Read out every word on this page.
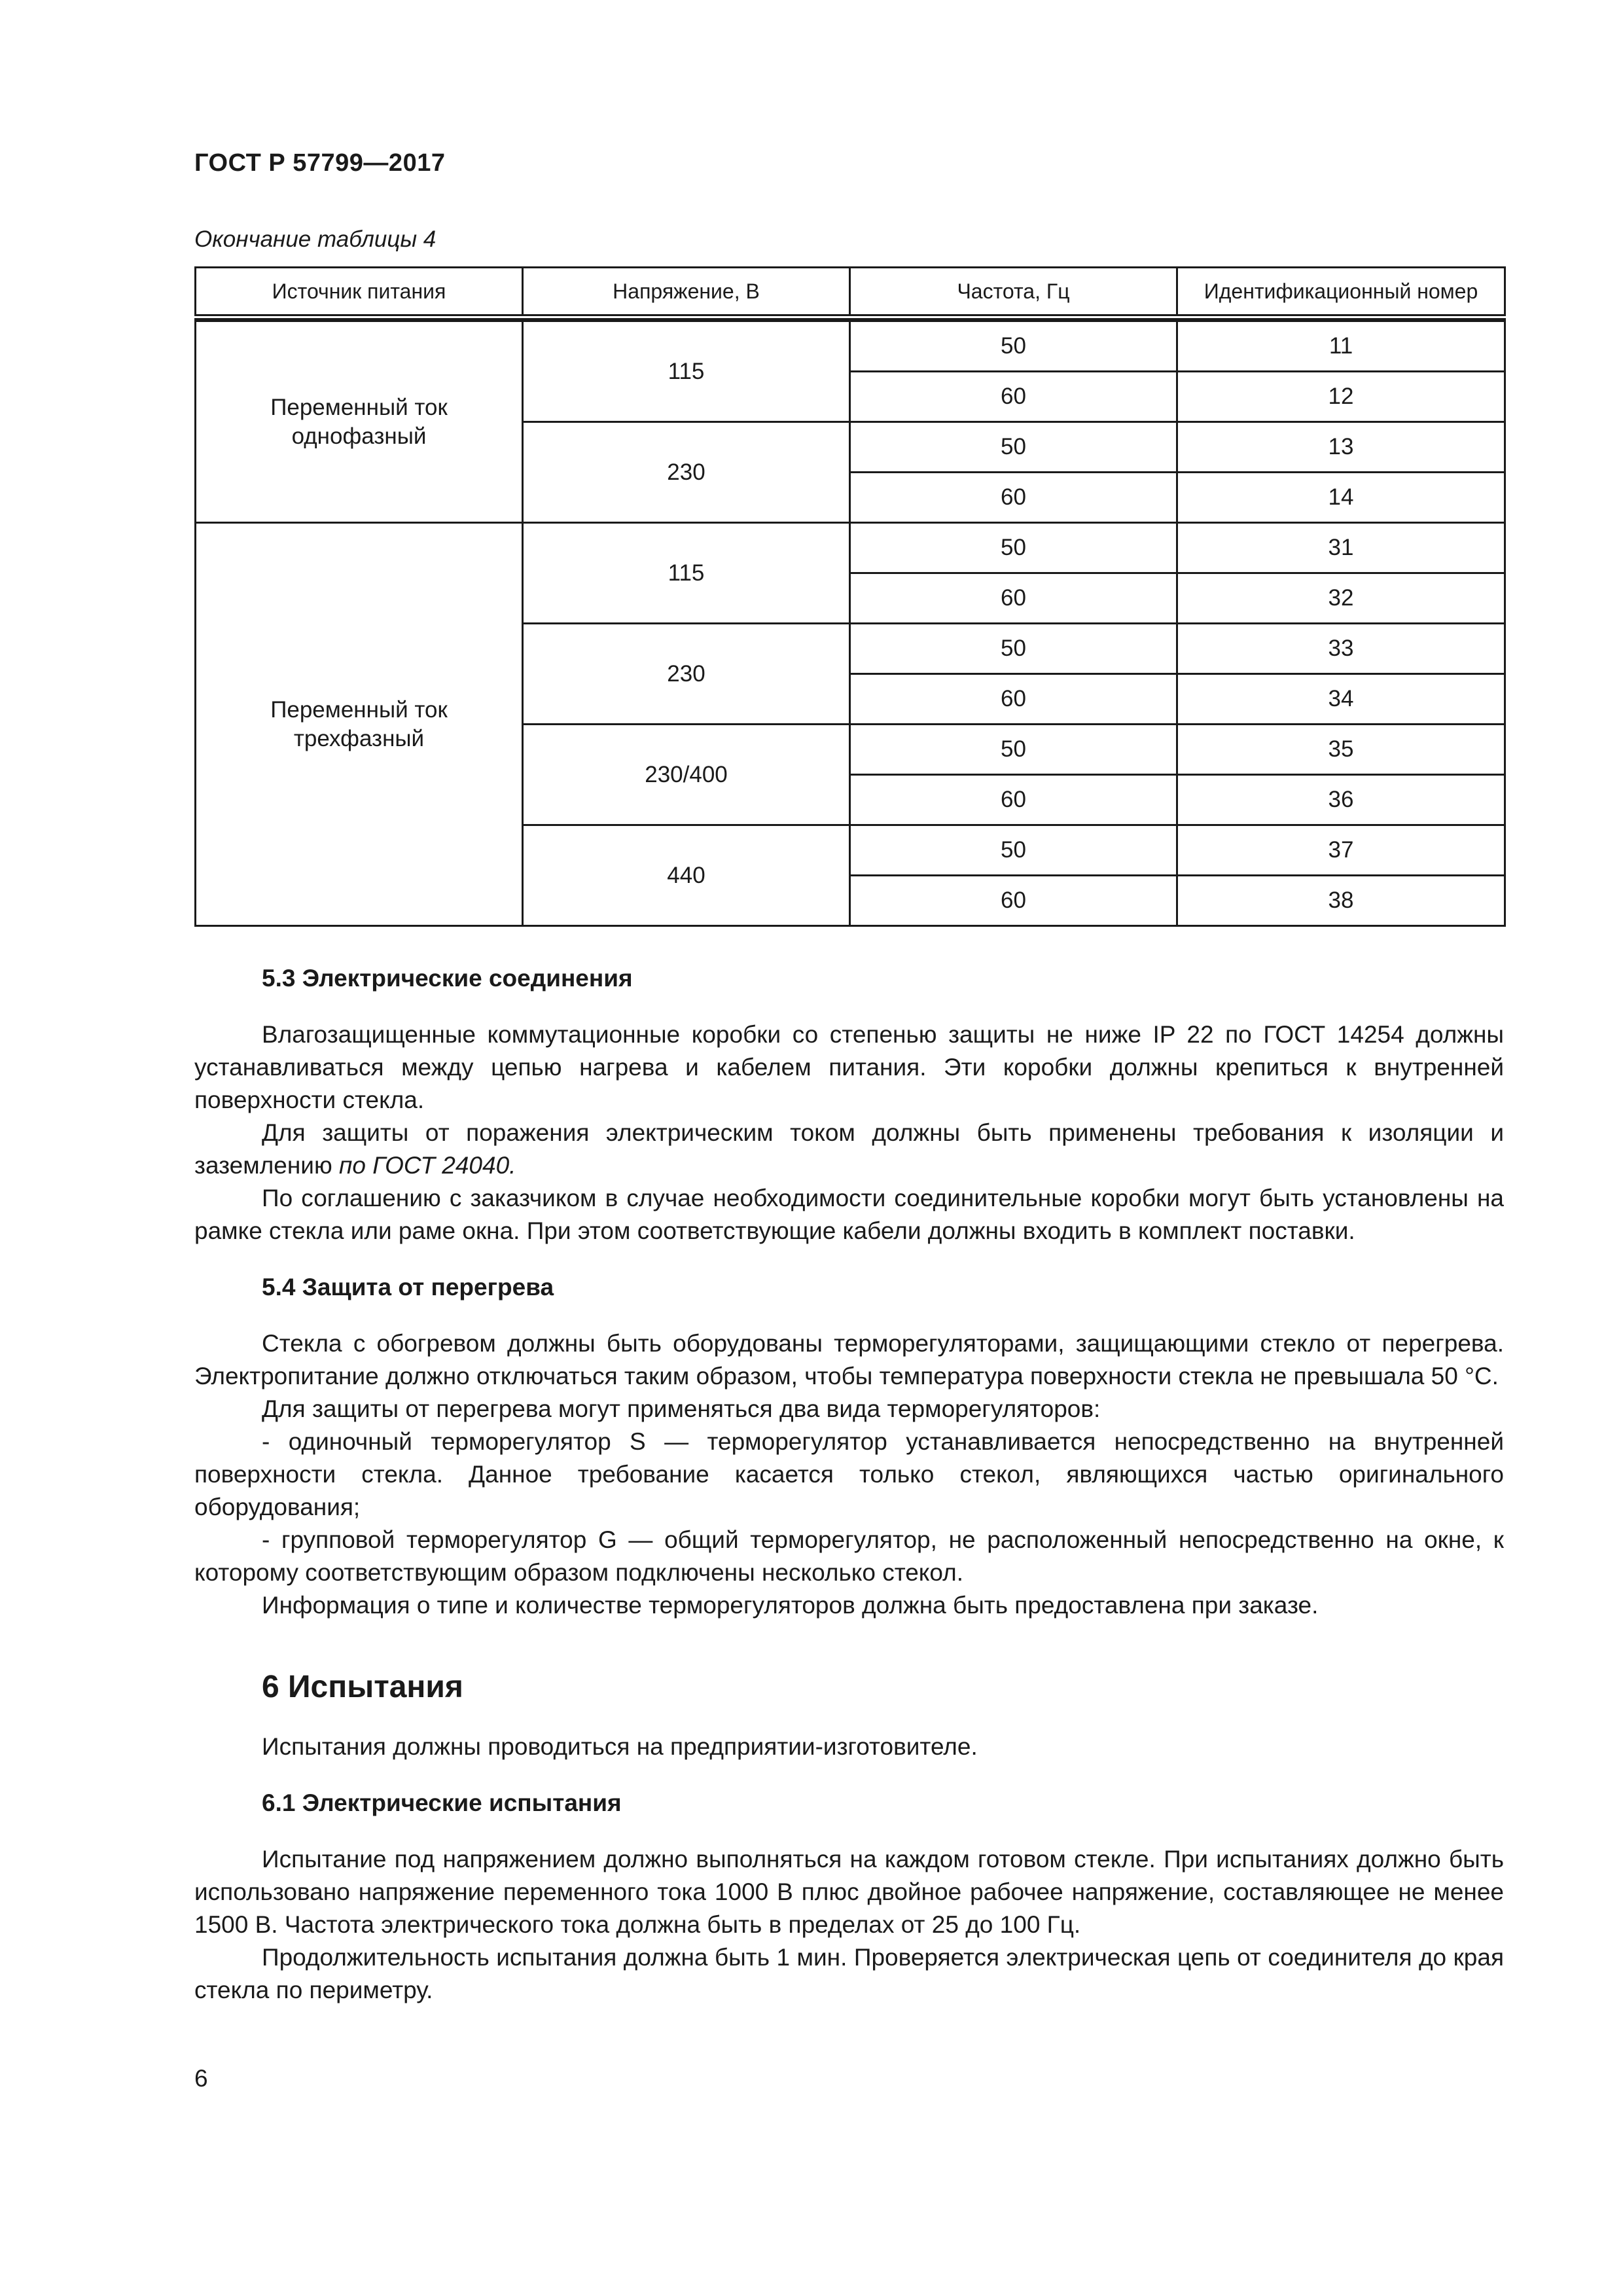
ГОСТ Р 57799—2017
Окончание таблицы 4
Источник питания	Напряжение, В	Частота, Гц	Идентификационный номер

Переменный ток
однофазный	115	50	11
		60	12
	230	50	13
		60	14

Переменный ток
трехфазный	115	50	31
		60	32
	230	50	33
		60	34
	230/400	50	35
		60	36
	440	50	37
		60	38
5.3 Электрические соединения
Влагозащищенные коммутационные коробки со степенью защиты не ниже IP 22 по ГОСТ 14254 должны устанавливаться между цепью нагрева и кабелем питания. Эти коробки должны крепиться к внутренней поверхности стекла.
Для защиты от поражения электрическим током должны быть применены требования к изоляции и заземлению по ГОСТ 24040.
По соглашению с заказчиком в случае необходимости соединительные коробки могут быть установлены на рамке стекла или раме окна. При этом соответствующие кабели должны входить в комплект поставки.
5.4 Защита от перегрева
Стекла с обогревом должны быть оборудованы терморегуляторами, защищающими стекло от перегрева. Электропитание должно отключаться таким образом, чтобы температура поверхности стекла не превышала 50 °С.
Для защиты от перегрева могут применяться два вида терморегуляторов:
- одиночный терморегулятор S — терморегулятор устанавливается непосредственно на внутренней поверхности стекла. Данное требование касается только стекол, являющихся частью оригинального оборудования;
- групповой терморегулятор G — общий терморегулятор, не расположенный непосредственно на окне, к которому соответствующим образом подключены несколько стекол.
Информация о типе и количестве терморегуляторов должна быть предоставлена при заказе.
6 Испытания
Испытания должны проводиться на предприятии-изготовителе.
6.1 Электрические испытания
Испытание под напряжением должно выполняться на каждом готовом стекле. При испытаниях должно быть использовано напряжение переменного тока 1000 В плюс двойное рабочее напряжение, составляющее не менее 1500 В. Частота электрического тока должна быть в пределах от 25 до 100 Гц.
Продолжительность испытания должна быть 1 мин. Проверяется электрическая цепь от соединителя до края стекла по периметру.
6
